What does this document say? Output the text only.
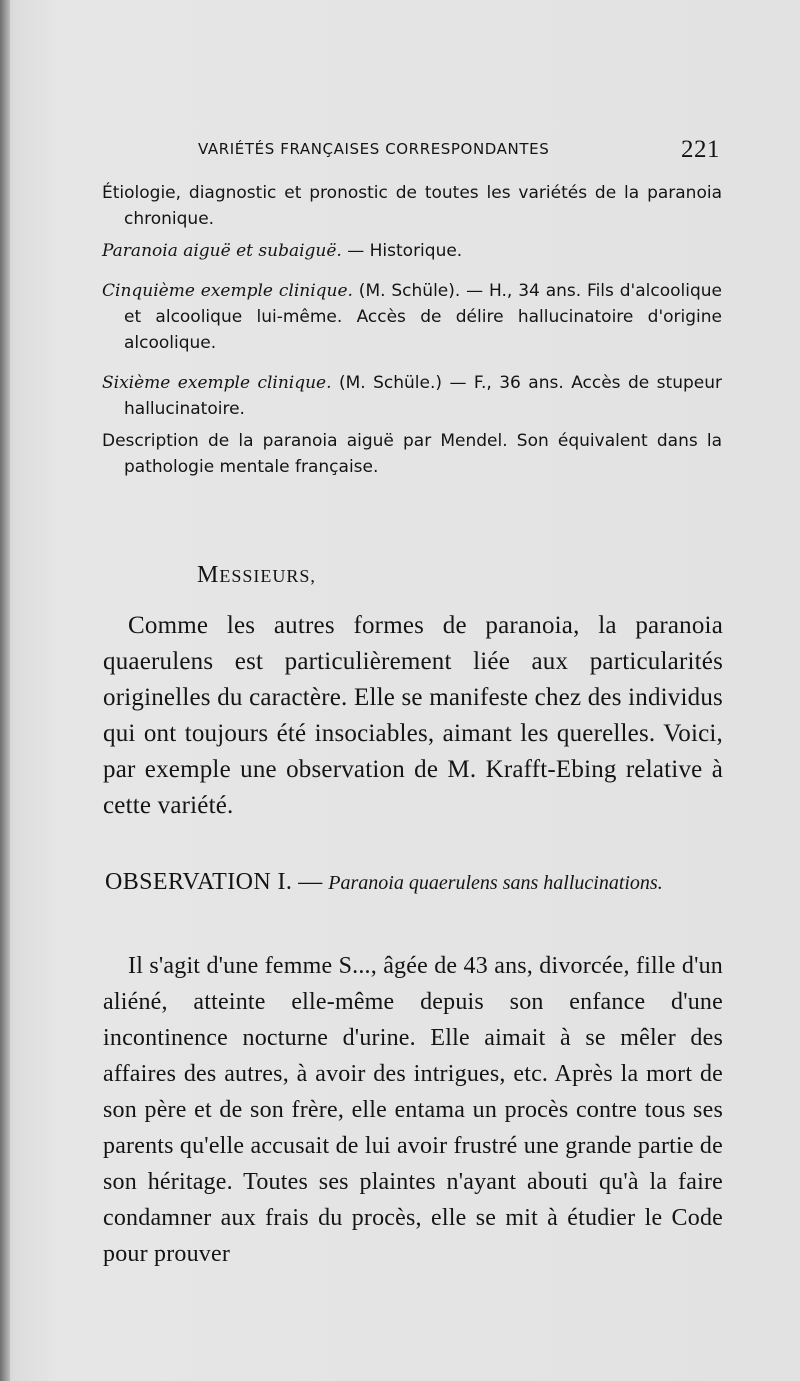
VARIÉTÉS FRANÇAISES CORRESPONDANTES	221

Étiologie, diagnostic et pronostic de toutes les variétés de la paranoia chronique.

Paranoia aiguë et subaiguë. — Historique.

Cinquième exemple clinique. (M. Schüle). — H., 34 ans. Fils d'alcoolique et alcoolique lui-même. Accès de délire hallucinatoire d'origine alcoolique.

Sixième exemple clinique. (M. Schüle.) — F., 36 ans. Accès de stupeur hallucinatoire.

Description de la paranoia aiguë par Mendel. Son équivalent dans la pathologie mentale française.

MESSIEURS,

Comme les autres formes de paranoia, la paranoia quaerulens est particulièrement liée aux particularités originelles du caractère. Elle se manifeste chez des individus qui ont toujours été insociables, aimant les querelles. Voici, par exemple une observation de M. Krafft-Ebing relative à cette variété.

OBSERVATION I. — Paranoia quaerulens sans hallucinations.

Il s'agit d'une femme S..., âgée de 43 ans, divorcée, fille d'un aliéné, atteinte elle-même depuis son enfance d'une incontinence nocturne d'urine. Elle aimait à se mêler des affaires des autres, à avoir des intrigues, etc. Après la mort de son père et de son frère, elle entama un procès contre tous ses parents qu'elle accusait de lui avoir frustré une grande partie de son héritage. Toutes ses plaintes n'ayant abouti qu'à la faire condamner aux frais du procès, elle se mit à étudier le Code pour prouver
